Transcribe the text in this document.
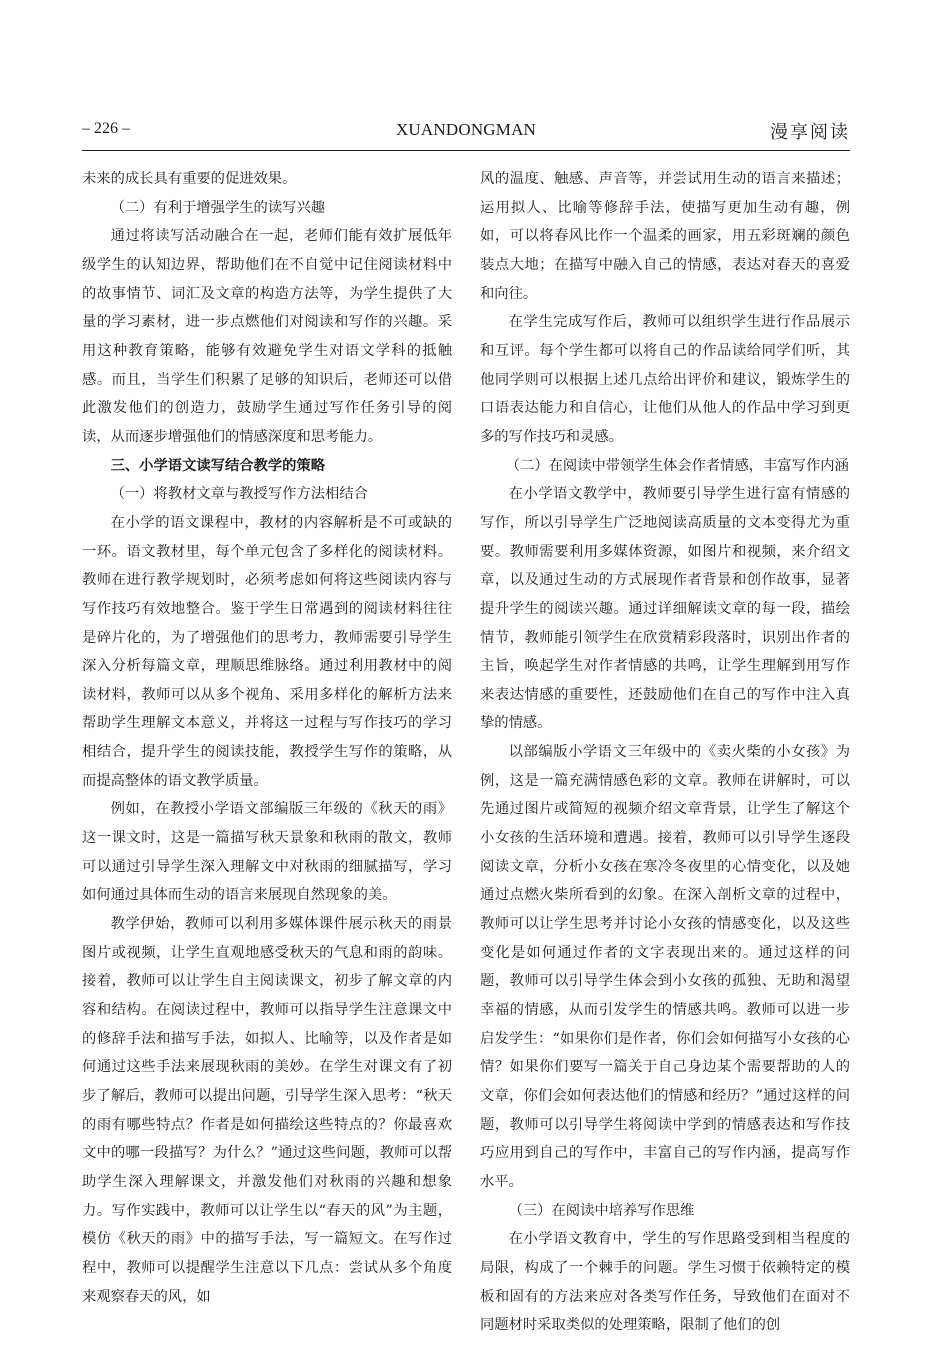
– 226 –	XUANDONGMAN	漫享阅读

未来的成长具有重要的促进效果。

（二）有利于增强学生的读写兴趣

通过将读写活动融合在一起，老师们能有效扩展低年级学生的认知边界，帮助他们在不自觉中记住阅读材料中的故事情节、词汇及文章的构造方法等，为学生提供了大量的学习素材，进一步点燃他们对阅读和写作的兴趣。采用这种教育策略，能够有效避免学生对语文学科的抵触感。而且，当学生们积累了足够的知识后，老师还可以借此激发他们的创造力，鼓励学生通过写作任务引导的阅读，从而逐步增强他们的情感深度和思考能力。

三、小学语文读写结合教学的策略

（一）将教材文章与教授写作方法相结合

在小学的语文课程中，教材的内容解析是不可或缺的一环。语文教材里，每个单元包含了多样化的阅读材料。教师在进行教学规划时，必须考虑如何将这些阅读内容与写作技巧有效地整合。鉴于学生日常遇到的阅读材料往往是碎片化的，为了增强他们的思考力，教师需要引导学生深入分析每篇文章，理顺思维脉络。通过利用教材中的阅读材料，教师可以从多个视角、采用多样化的解析方法来帮助学生理解文本意义，并将这一过程与写作技巧的学习相结合，提升学生的阅读技能，教授学生写作的策略，从而提高整体的语文教学质量。

例如，在教授小学语文部编版三年级的《秋天的雨》这一课文时，这是一篇描写秋天景象和秋雨的散文，教师可以通过引导学生深入理解文中对秋雨的细腻描写，学习如何通过具体而生动的语言来展现自然现象的美。

教学伊始，教师可以利用多媒体课件展示秋天的雨景图片或视频，让学生直观地感受秋天的气息和雨的韵味。接着，教师可以让学生自主阅读课文，初步了解文章的内容和结构。在阅读过程中，教师可以指导学生注意课文中的修辞手法和描写手法，如拟人、比喻等，以及作者是如何通过这些手法来展现秋雨的美妙。在学生对课文有了初步了解后，教师可以提出问题，引导学生深入思考：“秋天的雨有哪些特点？作者是如何描绘这些特点的？你最喜欢文中的哪一段描写？为什么？”通过这些问题，教师可以帮助学生深入理解课文，并激发他们对秋雨的兴趣和想象力。写作实践中，教师可以让学生以“春天的风”为主题，模仿《秋天的雨》中的描写手法，写一篇短文。在写作过程中，教师可以提醒学生注意以下几点：尝试从多个角度来观察春天的风，如

风的温度、触感、声音等，并尝试用生动的语言来描述；运用拟人、比喻等修辞手法，使描写更加生动有趣，例如，可以将春风比作一个温柔的画家，用五彩斑斓的颜色装点大地；在描写中融入自己的情感，表达对春天的喜爱和向往。

在学生完成写作后，教师可以组织学生进行作品展示和互评。每个学生都可以将自己的作品读给同学们听，其他同学则可以根据上述几点给出评价和建议，锻炼学生的口语表达能力和自信心，让他们从他人的作品中学习到更多的写作技巧和灵感。

（二）在阅读中带领学生体会作者情感，丰富写作内涵

在小学语文教学中，教师要引导学生进行富有情感的写作，所以引导学生广泛地阅读高质量的文本变得尤为重要。教师需要利用多媒体资源，如图片和视频，来介绍文章，以及通过生动的方式展现作者背景和创作故事，显著提升学生的阅读兴趣。通过详细解读文章的每一段，描绘情节，教师能引领学生在欣赏精彩段落时，识别出作者的主旨，唤起学生对作者情感的共鸣，让学生理解到用写作来表达情感的重要性，还鼓励他们在自己的写作中注入真挚的情感。

以部编版小学语文三年级中的《卖火柴的小女孩》为例，这是一篇充满情感色彩的文章。教师在讲解时，可以先通过图片或简短的视频介绍文章背景，让学生了解这个小女孩的生活环境和遭遇。接着，教师可以引导学生逐段阅读文章，分析小女孩在寒冷冬夜里的心情变化，以及她通过点燃火柴所看到的幻象。在深入剖析文章的过程中，教师可以让学生思考并讨论小女孩的情感变化，以及这些变化是如何通过作者的文字表现出来的。通过这样的问题，教师可以引导学生体会到小女孩的孤独、无助和渴望幸福的情感，从而引发学生的情感共鸣。教师可以进一步启发学生：“如果你们是作者，你们会如何描写小女孩的心情？如果你们要写一篇关于自己身边某个需要帮助的人的文章，你们会如何表达他们的情感和经历？”通过这样的问题，教师可以引导学生将阅读中学到的情感表达和写作技巧应用到自己的写作中，丰富自己的写作内涵，提高写作水平。

（三）在阅读中培养写作思维

在小学语文教育中，学生的写作思路受到相当程度的局限，构成了一个棘手的问题。学生习惯于依赖特定的模板和固有的方法来应对各类写作任务，导致他们在面对不同题材时采取类似的处理策略，限制了他们的创
